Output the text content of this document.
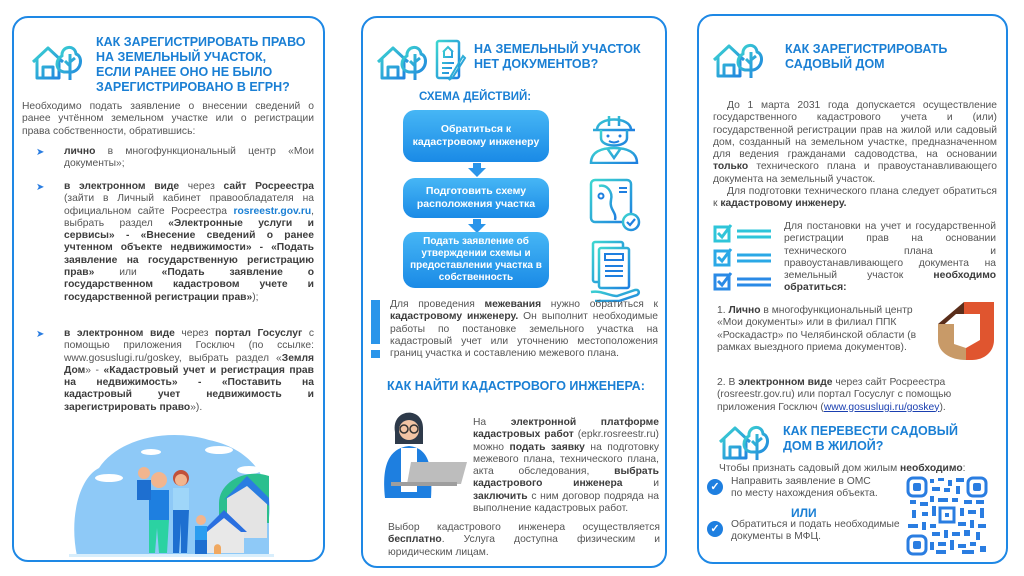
КАК ЗАРЕГИСТРИРОВАТЬ ПРАВО
НА ЗЕМЕЛЬНЫЙ УЧАСТОК,
ЕСЛИ РАНЕЕ ОНО НЕ БЫЛО
ЗАРЕГИСТРИРОВАНО В ЕГРН?
Необходимо подать заявление о внесении сведений о ранее учтённом земельном участке или о регистрации права собственности, обратившись:
➤ лично в многофункциональный центр «Мои документы»;
➤ в электронном виде через сайт Росреестра (зайти в Личный кабинет правообладателя на официальном сайте Росреестра rosreestr.gov.ru, выбрать раздел «Электронные услуги и сервисы» - «Внесение сведений о ранее учтенном объекте недвижимости» - «Подать заявление на государственную регистрацию прав» или «Подать заявление о государственном кадастровом учете и государственной регистрации прав»);
➤ в электронном виде через портал Госуслуг с помощью приложения Госключ (по ссылке: www.gosuslugi.ru/goskey, выбрать раздел «Земля Дом» - «Кадастровый учет и регистрация прав на недвижимость» - «Поставить на кадастровый учет недвижимость и зарегистрировать право»).
НА ЗЕМЕЛЬНЫЙ УЧАСТОК
НЕТ ДОКУМЕНТОВ?
СХЕМА ДЕЙСТВИЙ:
Обратиться к кадастровому инженеру
Подготовить схему расположения участка
Подать заявление об утверждении схемы и предоставлении участка в собственность
Для проведения межевания нужно обратиться к кадастровому инженеру. Он выполнит необходимые работы по постановке земельного участка на кадастровый учет или уточнению местоположения границ участка и составлению межевого плана.
КАК НАЙТИ КАДАСТРОВОГО ИНЖЕНЕРА:
На электронной платформе кадастровых работ (epkr.rosreestr.ru) можно подать заявку на подготовку межевого плана, технического плана, акта обследования, выбрать кадастрового инженера и заключить с ним договор подряда на выполнение кадастровых работ.
Выбор кадастрового инженера осуществляется бесплатно. Услуга доступна физическим и юридическим лицам.
КАК ЗАРЕГИСТРИРОВАТЬ
САДОВЫЙ ДОМ
До 1 марта 2031 года допускается осуществление государственного кадастрового учета и (или) государственной регистрации прав на жилой или садовый дом, созданный на земельном участке, предназначенном для ведения гражданами садоводства, на основании только технического плана и правоустанавливающего документа на земельный участок.
Для подготовки технического плана следует обратиться к кадастровому инженеру.
Для постановки на учет и государственной регистрации прав на основании технического плана и правоустанавливающего документа на земельный участок необходимо обратиться:
1. Лично в многофункциональный центр «Мои документы» или в филиал ППК «Роскадастр» по Челябинской области (в рамках выездного приема документов).
2. В электронном виде через сайт Росреестра (rosreestr.gov.ru) или портал Госуслуг с помощью приложения Госключ (www.gosuslugi.ru/goskey).
КАК ПЕРЕВЕСТИ САДОВЫЙ
ДОМ В ЖИЛОЙ?
Чтобы признать садовый дом жилым необходимо:
✓	Направить заявление в ОМС по месту нахождения объекта.
ИЛИ
✓	Обратиться и подать необходимые документы в МФЦ.
